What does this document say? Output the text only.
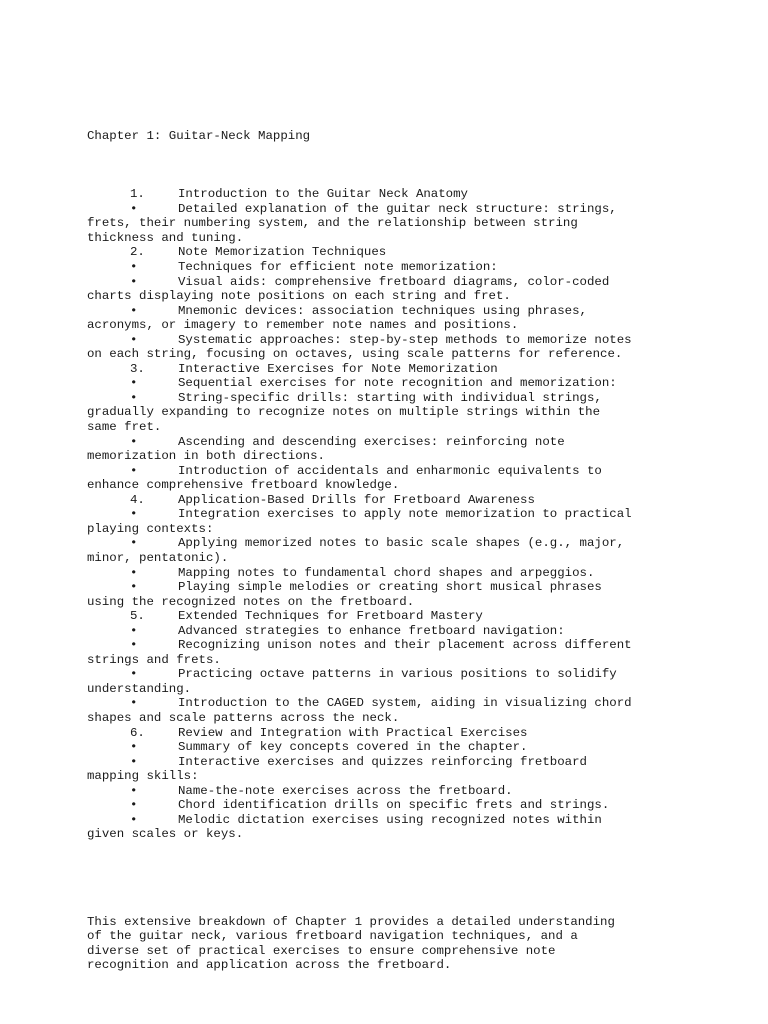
Chapter 1: Guitar-Neck Mapping

1.	Introduction to the Guitar Neck Anatomy
•	Detailed explanation of the guitar neck structure: strings,
frets, their numbering system, and the relationship between string
thickness and tuning.
2.	Note Memorization Techniques
•	Techniques for efficient note memorization:
•	Visual aids: comprehensive fretboard diagrams, color-coded
charts displaying note positions on each string and fret.
•	Mnemonic devices: association techniques using phrases,
acronyms, or imagery to remember note names and positions.
•	Systematic approaches: step-by-step methods to memorize notes
on each string, focusing on octaves, using scale patterns for reference.
3.	Interactive Exercises for Note Memorization
•	Sequential exercises for note recognition and memorization:
•	String-specific drills: starting with individual strings,
gradually expanding to recognize notes on multiple strings within the
same fret.
•	Ascending and descending exercises: reinforcing note
memorization in both directions.
•	Introduction of accidentals and enharmonic equivalents to
enhance comprehensive fretboard knowledge.
4.	Application-Based Drills for Fretboard Awareness
•	Integration exercises to apply note memorization to practical
playing contexts:
•	Applying memorized notes to basic scale shapes (e.g., major,
minor, pentatonic).
•	Mapping notes to fundamental chord shapes and arpeggios.
•	Playing simple melodies or creating short musical phrases
using the recognized notes on the fretboard.
5.	Extended Techniques for Fretboard Mastery
•	Advanced strategies to enhance fretboard navigation:
•	Recognizing unison notes and their placement across different
strings and frets.
•	Practicing octave patterns in various positions to solidify
understanding.
•	Introduction to the CAGED system, aiding in visualizing chord
shapes and scale patterns across the neck.
6.	Review and Integration with Practical Exercises
•	Summary of key concepts covered in the chapter.
•	Interactive exercises and quizzes reinforcing fretboard
mapping skills:
•	Name-the-note exercises across the fretboard.
•	Chord identification drills on specific frets and strings.
•	Melodic dictation exercises using recognized notes within
given scales or keys.

This extensive breakdown of Chapter 1 provides a detailed understanding
of the guitar neck, various fretboard navigation techniques, and a
diverse set of practical exercises to ensure comprehensive note
recognition and application across the fretboard.
